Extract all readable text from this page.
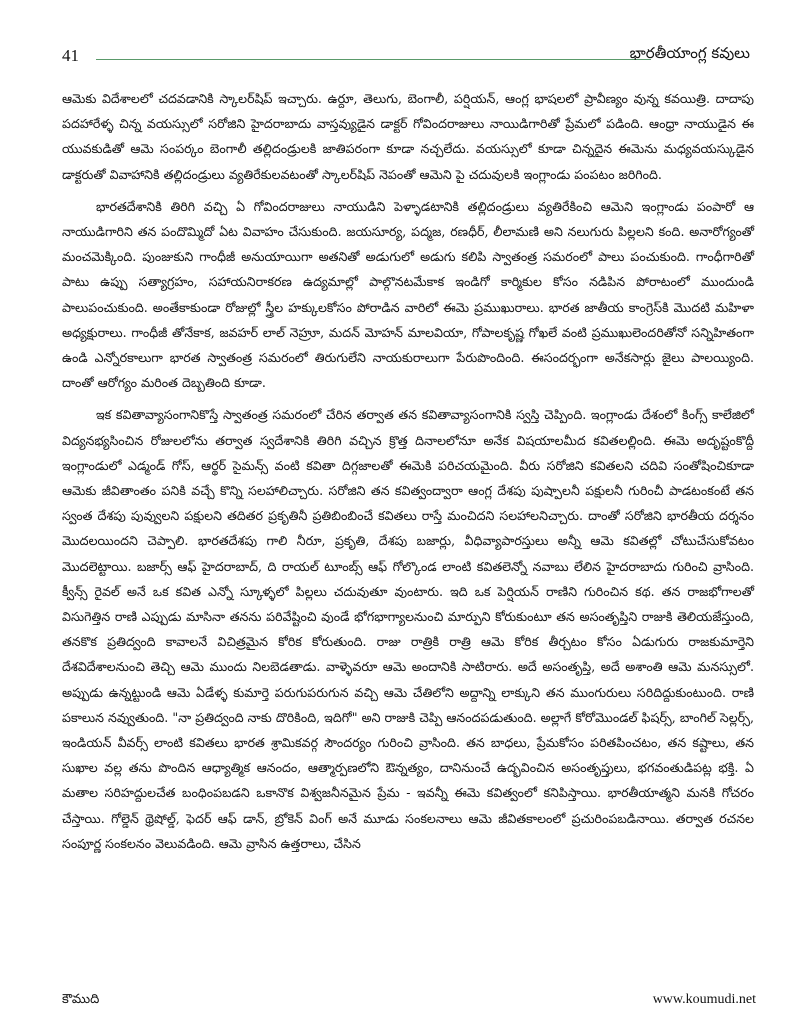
41	భారతీయాంగ్ల కవులు

ఆమెకు విదేశాలలో చదవడానికి స్కాలర్‌షిప్ ఇచ్చారు. ఉర్దూ, తెలుగు, బెంగాలీ, పర్షియన్, ఆంగ్ల భాషలలో ప్రావీణ్యం వున్న కవయిత్రి. దాదాపు పదహారేళ్ళ చిన్న వయస్సులో సరోజిని హైదరాబాదు వాస్తవ్యుడైన డాక్టర్ గోవిందరాజులు నాయిడిగారితో ప్రేమలో పడింది. ఆంధ్రా నాయుడైన ఈ యువకుడితో ఆమె సంపర్కం బెంగాలీ తల్లిదండ్రులకి జాతిపరంగా కూడా నచ్చలేదు. వయస్సులో కూడా చిన్నదైన ఈమెను మధ్యవయస్కుడైన డాక్టరుతో వివాహానికి తల్లిదండ్రులు వ్యతిరేకులవటంతో స్కాలర్‌షిప్ నెపంతో ఆమెని పై చదువులకి ఇంగ్లాండు పంపటం జరిగింది.

భారతదేశానికి తిరిగి వచ్చి ఏ గోవిందరాజులు నాయుడిని పెళ్ళాడటానికి తల్లిదండ్రులు వ్యతిరేకించి ఆమెని ఇంగ్లాండు పంపారో ఆ నాయుడిగారిని తన పందొమ్మిదో ఏట వివాహం చేసుకుంది. జయసూర్య, పద్మజ, రణధీర్, లీలామణి అని నలుగురు పిల్లలని కంది. అనారోగ్యంతో మంచమెక్కింది. పుంజుకుని గాంధీజీ అనుయాయిగా అతనితో అడుగులో అడుగు కలిపి స్వాతంత్ర సమరంలో పాలు పంచుకుంది. గాంధీగారితో పాటు ఉప్పు సత్యాగ్రహం, సహాయనిరాకరణ ఉద్యమాల్లో పాల్గొనటమేకాక ఇండిగో కార్మికుల కోసం నడిపిన పోరాటంలో ముందుండి పాలుపంచుకుంది. అంతేకాకుండా రోజుల్లో స్త్రీల హక్కులకోసం పోరాడిన వారిలో ఈమె ప్రముఖురాలు. భారత జాతీయ కాంగ్రెస్‌కి మొదటి మహిళా అధ్యక్షురాలు. గాంధీజీ తోనేకాక, జవహర్ లాల్ నెహ్రూ, మదన్ మోహన్ మాలవియా, గోపాలకృష్ణ గోఖలే వంటి ప్రముఖులెందరితోనో సన్నిహితంగా ఉండి ఎన్నోరకాలుగా భారత స్వాతంత్ర సమరంలో తిరుగులేని నాయకురాలుగా పేరుపొందింది. ఈసందర్భంగా అనేకసార్లు జైలు పాలయ్యింది. దాంతో ఆరోగ్యం మరింత దెబ్బతింది కూడా.

ఇక కవితావ్యాసంగానికొస్తే స్వాతంత్ర సమరంలో చేరిన తర్వాత తన కవితావ్యాసంగానికి స్వస్తి చెప్పింది. ఇంగ్లాండు దేశంలో కింగ్స్ కాలేజిలో విద్యనభ్యసించిన రోజులలోను తర్వాత స్వదేశానికి తిరిగి వచ్చిన క్రొత్త దినాలలోనూ అనేక విషయాలమీద కవితలల్లింది. ఈమె అదృష్టంకొద్దీ ఇంగ్లాండులో ఎడ్మండ్ గోస్, ఆర్థర్ సైమన్స్ వంటి కవితా దిగ్గజాలతో ఈమెకి పరిచయమైంది. వీరు సరోజిని కవితలని చదివి సంతోషించికూడా ఆమెకు జీవితాంతం పనికి వచ్చే కొన్ని సలహాలిచ్చారు. సరోజిని తన కవిత్వంద్వారా ఆంగ్ల దేశపు పుష్పాలనీ పక్షులనీ గురించీ పాడటంకంటే తన స్వంత దేశపు పువ్వులని పక్షులని తదితర ప్రకృతినీ ప్రతిబింబించే కవితలు రాస్తే మంచిదని సలహాలనిచ్చారు. దాంతో సరోజిని భారతీయ దర్శనం మొదలయిందని చెప్పాలి. భారతదేశపు గాలి నీరూ, ప్రకృతి, దేశపు బజార్లు, వీధివ్యాపారస్తులు అన్నీ ఆమె కవితల్లో చోటుచేసుకోవటం మొదలెట్టాయి. బజార్స్ ఆఫ్ హైదరాబాద్, ది రాయల్ టూంబ్స్ ఆఫ్ గోల్కొండ లాంటి కవితలెన్నో నవాబు లేలిన హైదరాబాదు గురించి వ్రాసింది. క్వీన్స్ రైవల్ అనే ఒక కవిత ఎన్నో స్కూళ్ళలో పిల్లలు చదువుతూ వుంటారు. ఇది ఒక పెర్షియన్ రాణిని గురించిన కథ. తన రాజభోగాలతో విసుగెత్తిన రాణి ఎప్పుడు మాసినా తనను పరివేష్టించి వుండే భోగభాగ్యాలనుంచి మార్పుని కోరుకుంటూ తన అసంతృప్తిని రాజుకి తెలియజేస్తుంది, తనకొక ప్రతిద్వంది కావాలనే విచిత్రమైన కోరిక కోరుతుంది. రాజు రాత్రికి రాత్రి ఆమె కోరిక తీర్చటం కోసం ఏడుగురు రాజకుమార్తెని దేశవిదేశాలనుంచి తెచ్చి ఆమె ముందు నిలబెడతాడు. వాళ్ళెవరూ ఆమె అందానికి సాటిరారు. అదే అసంతృప్తి, అదే అశాంతి ఆమె మనస్సులో. అప్పుడు ఉన్నట్టుండి ఆమె ఏడేళ్ళ కుమార్తె పరుగుపరుగున వచ్చి ఆమె చేతిలోని అద్దాన్ని లాక్కుని తన ముంగురులు సరిదిద్దుకుంటుంది. రాణి పకాలున నవ్వుతుంది. "నా ప్రతిద్వంది నాకు దొరికింది, ఇదిగో" అని రాజుకి చెప్పి ఆనందపడుతుంది. అల్లాగే కోరోమొండల్ ఫిషర్స్, బాంగిల్ సెల్లర్స్, ఇండియన్ వీవర్స్ లాంటి కవితలు భారత శ్రామికవర్గ సౌందర్యం గురించి వ్రాసింది. తన బాధలు, ప్రేమకోసం పరితపించటం, తన కష్టాలు, తన సుఖాల వల్ల తను పొందిన ఆధ్యాత్మిక ఆనందం, ఆత్మార్పణలోని ఔన్నత్యం, దానినుంచే ఉద్భవించిన అసంతృప్తులు, భగవంతుడిపట్ల భక్తి. ఏ మతాల సరిహద్దులచేత బంధింపబడని ఒకానొక విశ్వజనీనమైన ప్రేమ - ఇవన్నీ ఈమె కవిత్వంలో కనిపిస్తాయి. భారతీయాత్మని మనకి గోచరం చేస్తాయి. గోల్డెన్ థ్రెషోల్డ్, ఫెదర్ ఆఫ్ డాన్, బ్రోకెన్ వింగ్ అనే మూడు సంకలనాలు ఆమె జీవితకాలంలో ప్రచురింపబడినాయి. తర్వాత రచనల సంపూర్ణ సంకలనం వెలువడింది. ఆమె వ్రాసిన ఉత్తరాలు, చేసిన

కౌముది	www.koumudi.net
